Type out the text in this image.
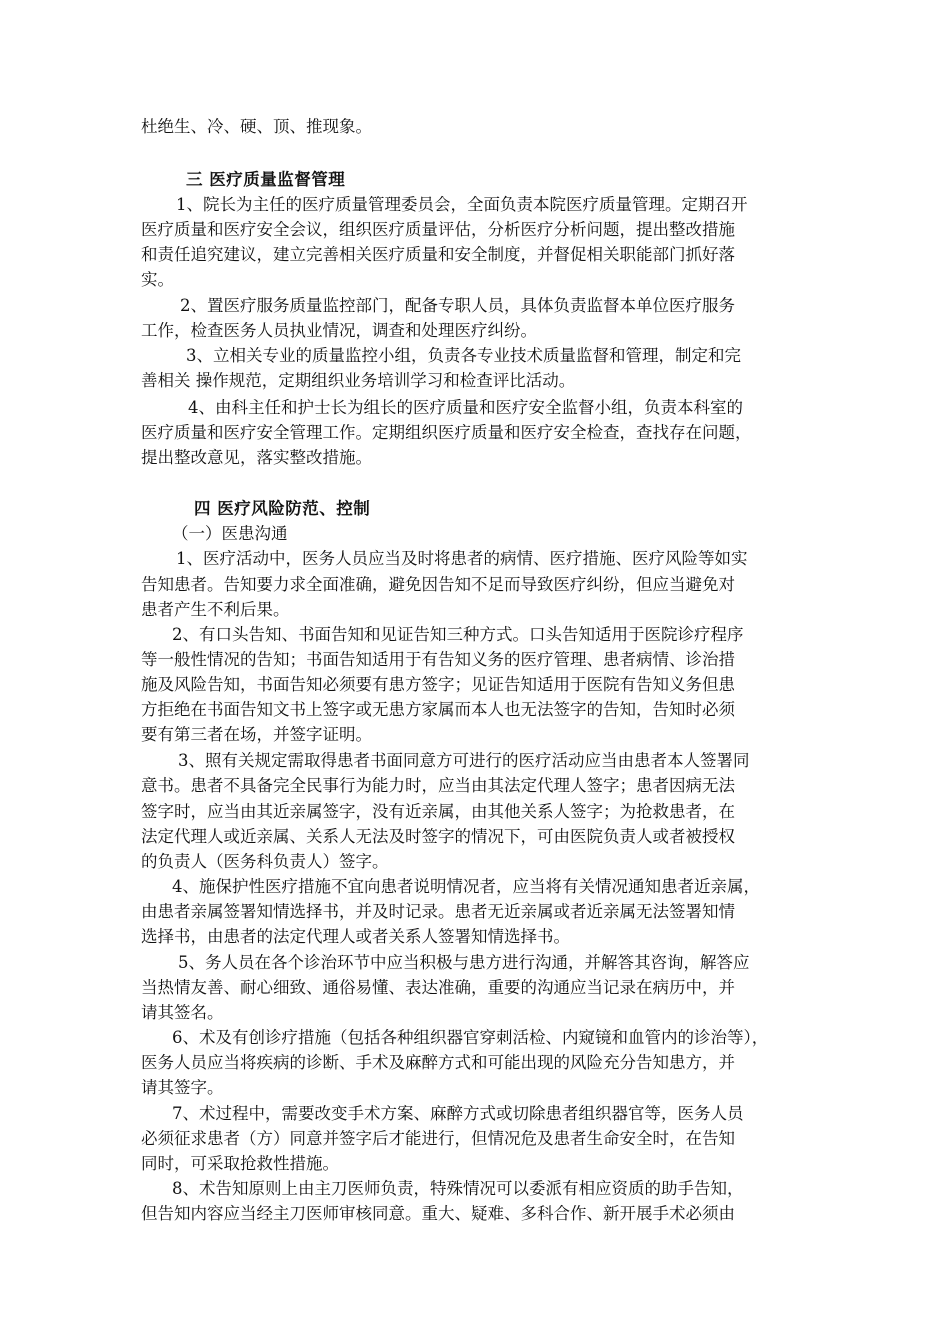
杜绝生、冷、硬、顶、推现象。
三 医疗质量监督管理
1、院长为主任的医疗质量管理委员会，全面负责本院医疗质量管理。定期召开
医疗质量和医疗安全会议，组织医疗质量评估，分析医疗分析问题，提出整改措施
和责任追究建议，建立完善相关医疗质量和安全制度，并督促相关职能部门抓好落
实。
2、置医疗服务质量监控部门，配备专职人员，具体负责监督本单位医疗服务
工作，检查医务人员执业情况，调查和处理医疗纠纷。
3、立相关专业的质量监控小组，负责各专业技术质量监督和管理，制定和完
善相关 操作规范，定期组织业务培训学习和检查评比活动。
4、由科主任和护士长为组长的医疗质量和医疗安全监督小组，负责本科室的
医疗质量和医疗安全管理工作。定期组织医疗质量和医疗安全检查，查找存在问题，
提出整改意见，落实整改措施。
四 医疗风险防范、控制
（一）医患沟通
1、医疗活动中，医务人员应当及时将患者的病情、医疗措施、医疗风险等如实
告知患者。告知要力求全面准确，避免因告知不足而导致医疗纠纷，但应当避免对
患者产生不利后果。
2、有口头告知、书面告知和见证告知三种方式。口头告知适用于医院诊疗程序
等一般性情况的告知；书面告知适用于有告知义务的医疗管理、患者病情、诊治措
施及风险告知，书面告知必须要有患方签字；见证告知适用于医院有告知义务但患
方拒绝在书面告知文书上签字或无患方家属而本人也无法签字的告知，告知时必须
要有第三者在场，并签字证明。
3、照有关规定需取得患者书面同意方可进行的医疗活动应当由患者本人签署同
意书。患者不具备完全民事行为能力时，应当由其法定代理人签字；患者因病无法
签字时，应当由其近亲属签字，没有近亲属，由其他关系人签字；为抢救患者，在
法定代理人或近亲属、关系人无法及时签字的情况下，可由医院负责人或者被授权
的负责人（医务科负责人）签字。
4、施保护性医疗措施不宜向患者说明情况者，应当将有关情况通知患者近亲属，
由患者亲属签署知情选择书，并及时记录。患者无近亲属或者近亲属无法签署知情
选择书，由患者的法定代理人或者关系人签署知情选择书。
5、务人员在各个诊治环节中应当积极与患方进行沟通，并解答其咨询，解答应
当热情友善、耐心细致、通俗易懂、表达准确，重要的沟通应当记录在病历中，并
请其签名。
6、术及有创诊疗措施（包括各种组织器官穿刺活检、内窥镜和血管内的诊治等），
医务人员应当将疾病的诊断、手术及麻醉方式和可能出现的风险充分告知患方，并
请其签字。
7、术过程中，需要改变手术方案、麻醉方式或切除患者组织器官等，医务人员
必须征求患者（方）同意并签字后才能进行，但情况危及患者生命安全时，在告知
同时，可采取抢救性措施。
8、术告知原则上由主刀医师负责，特殊情况可以委派有相应资质的助手告知，
但告知内容应当经主刀医师审核同意。重大、疑难、多科合作、新开展手术必须由
